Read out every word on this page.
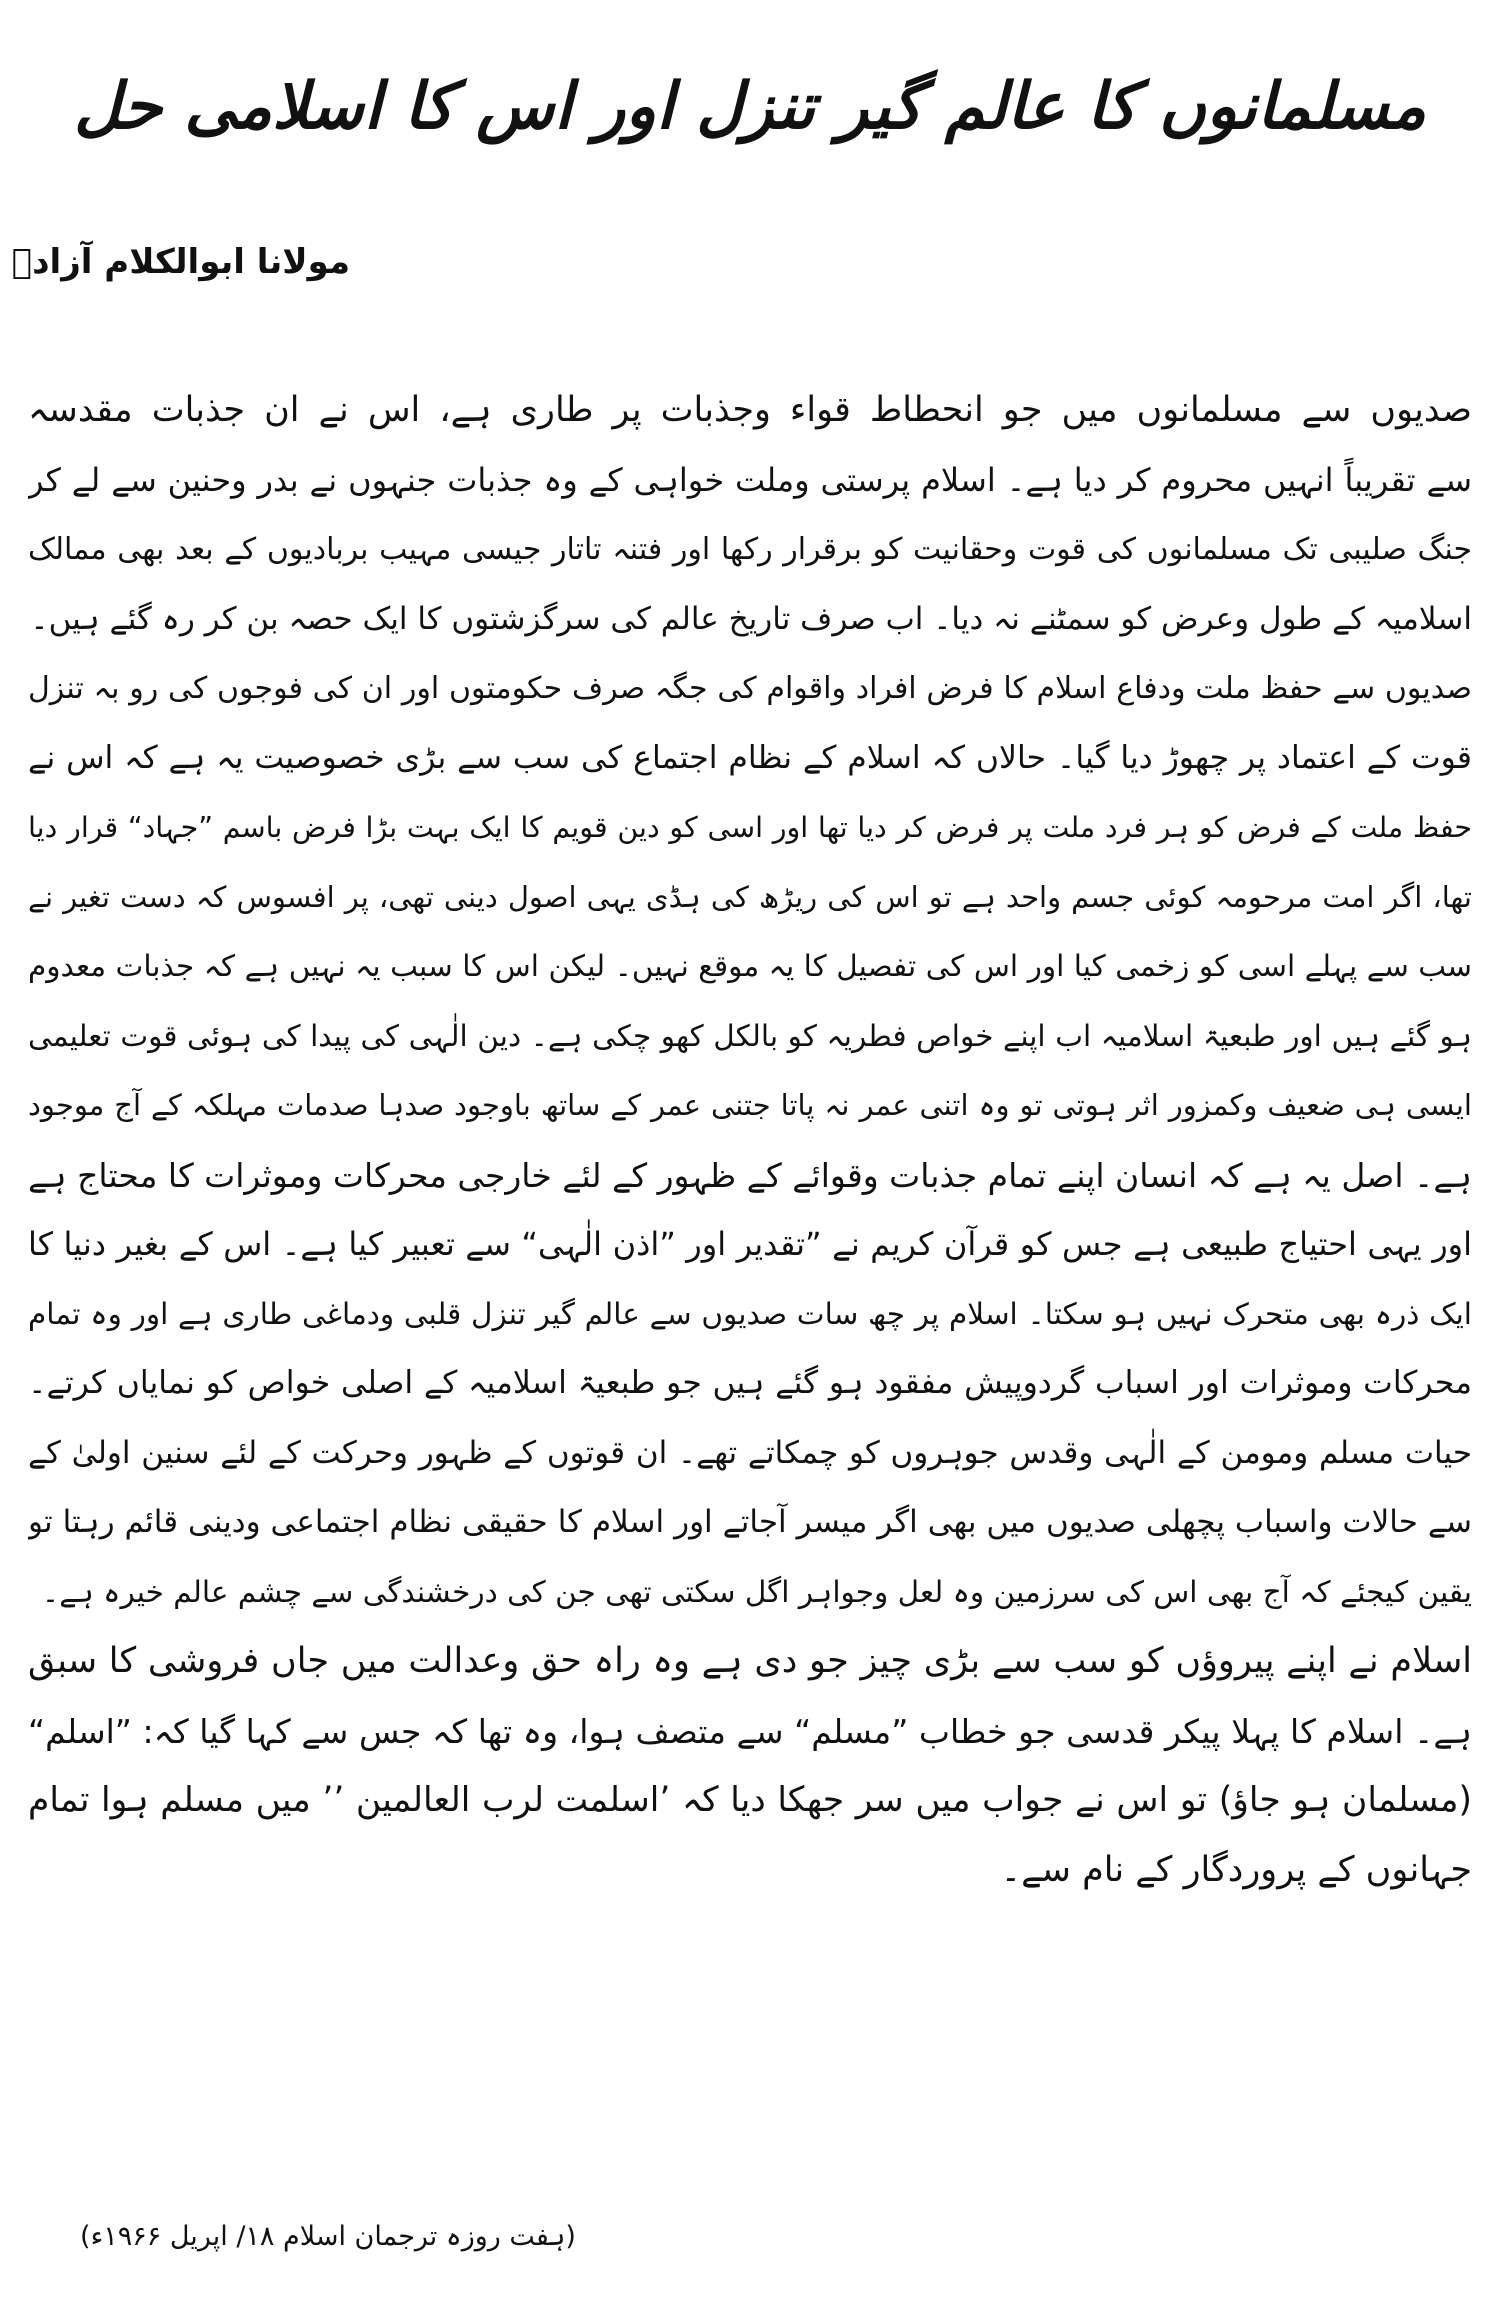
مسلمانوں کا عالم گیر تنزل اور اس کا اسلامی حل
مولانا ابوالکلام آزادؒ
صدیوں سے مسلمانوں میں جو انحطاط قواء وجذبات پر طاری ہے، اس نے ان جذبات مقدسہ
سے تقریباً انہیں محروم کر دیا ہے۔ اسلام پرستی وملت خواہی کے وہ جذبات جنہوں نے بدر وحنین سے لے کر
جنگ صلیبی تک مسلمانوں کی قوت وحقانیت کو برقرار رکھا اور فتنہ تاتار جیسی مہیب بربادیوں کے بعد بھی ممالک
اسلامیہ کے طول وعرض کو سمٹنے نہ دیا۔ اب صرف تاریخ عالم کی سرگزشتوں کا ایک حصہ بن کر رہ گئے ہیں۔
صدیوں سے حفظ ملت ودفاع اسلام کا فرض افراد واقوام کی جگہ صرف حکومتوں اور ان کی فوجوں کی رو بہ تنزل
قوت کے اعتماد پر چھوڑ دیا گیا۔ حالاں کہ اسلام کے نظام اجتماع کی سب سے بڑی خصوصیت یہ ہے کہ اس نے
حفظ ملت کے فرض کو ہر فرد ملت پر فرض کر دیا تھا اور اسی کو دین قویم کا ایک بہت بڑا فرض باسم ”جہاد“ قرار دیا
تھا، اگر امت مرحومہ کوئی جسم واحد ہے تو اس کی ریڑھ کی ہڈی یہی اصول دینی تھی، پر افسوس کہ دست تغیر نے
سب سے پہلے اسی کو زخمی کیا اور اس کی تفصیل کا یہ موقع نہیں۔ لیکن اس کا سبب یہ نہیں ہے کہ جذبات معدوم
ہو گئے ہیں اور طبعیۃ اسلامیہ اب اپنے خواص فطریہ کو بالکل کھو چکی ہے۔ دین الٰہی کی پیدا کی ہوئی قوت تعلیمی
ایسی ہی ضعیف وکمزور اثر ہوتی تو وہ اتنی عمر نہ پاتا جتنی عمر کے ساتھ باوجود صدہا صدمات مہلکہ کے آج موجود
ہے۔ اصل یہ ہے کہ انسان اپنے تمام جذبات وقوائے کے ظہور کے لئے خارجی محرکات وموثرات کا محتاج ہے
اور یہی احتیاج طبیعی ہے جس کو قرآن کریم نے ”تقدیر اور ”اذن الٰہی“ سے تعبیر کیا ہے۔ اس کے بغیر دنیا کا
ایک ذرہ بھی متحرک نہیں ہو سکتا۔ اسلام پر چھ سات صدیوں سے عالم گیر تنزل قلبی ودماغی طاری ہے اور وہ تمام
محرکات وموثرات اور اسباب گردوپیش مفقود ہو گئے ہیں جو طبعیۃ اسلامیہ کے اصلی خواص کو نمایاں کرتے۔
حیات مسلم ومومن کے الٰہی وقدس جوہروں کو چمکاتے تھے۔ ان قوتوں کے ظہور وحرکت کے لئے سنین اولیٰ کے
سے حالات واسباب پچھلی صدیوں میں بھی اگر میسر آجاتے اور اسلام کا حقیقی نظام اجتماعی ودینی قائم رہتا تو
یقین کیجئے کہ آج بھی اس کی سرزمین وہ لعل وجواہر اگل سکتی تھی جن کی درخشندگی سے چشم عالم خیرہ ہے۔
اسلام نے اپنے پیروؤں کو سب سے بڑی چیز جو دی ہے وہ راہ حق وعدالت میں جاں فروشی کا سبق
ہے۔ اسلام کا پہلا پیکر قدسی جو خطاب ”مسلم“ سے متصف ہوا، وہ تھا کہ جس سے کہا گیا کہ: ”اسلم“
(مسلمان ہو جاؤ) تو اس نے جواب میں سر جھکا دیا کہ ’اسلمت لرب العالمین ’’ میں مسلم ہوا تمام
جہانوں کے پروردگار کے نام سے۔
(ہفت روزہ ترجمان اسلام ۱۸/ اپریل ۱۹۶۶ء)
